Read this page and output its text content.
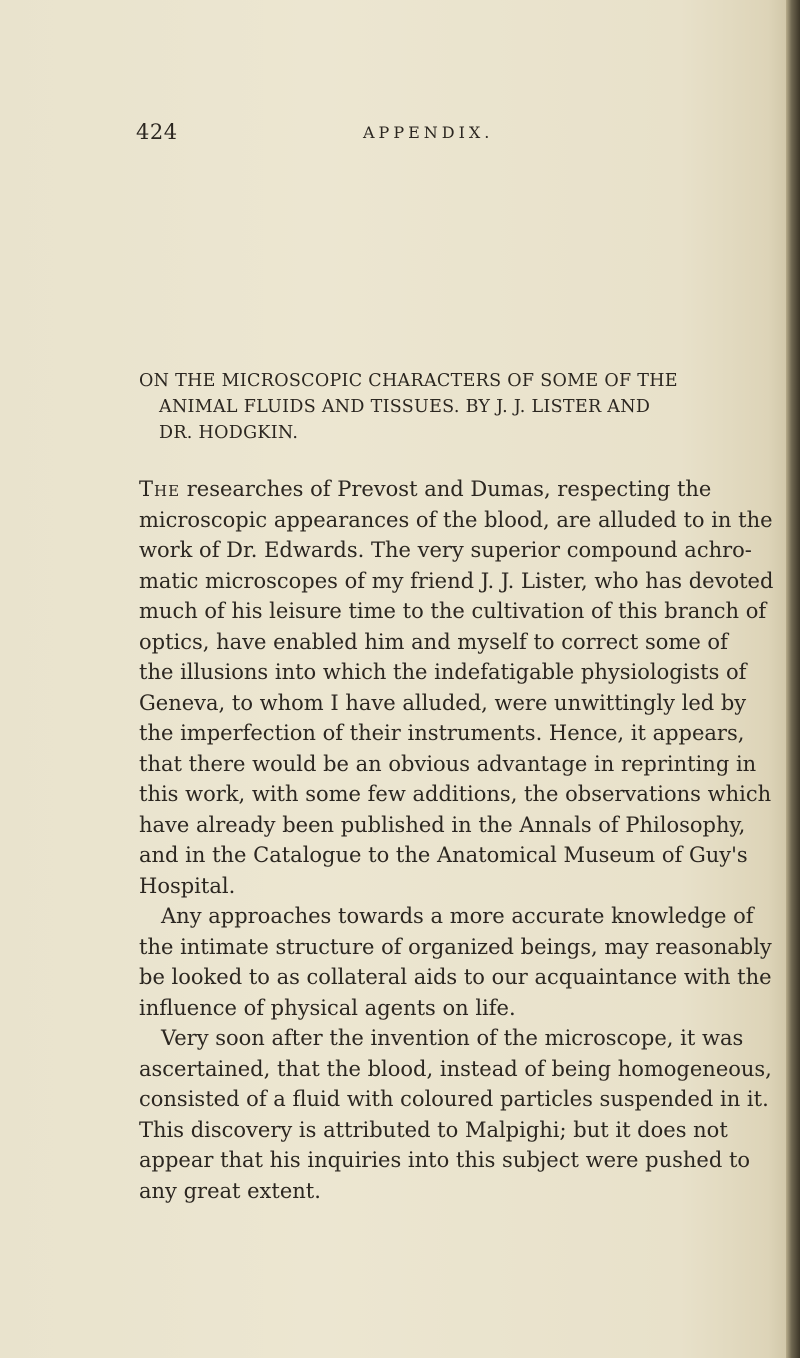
424	APPENDIX.
ON THE MICROSCOPIC CHARACTERS OF SOME OF THE
ANIMAL FLUIDS AND TISSUES. BY J. J. LISTER AND
DR. HODGKIN.
The researches of Prevost and Dumas, respecting the
microscopic appearances of the blood, are alluded to in the
work of Dr. Edwards. The very superior compound achro-
matic microscopes of my friend J. J. Lister, who has devoted
much of his leisure time to the cultivation of this branch of
optics, have enabled him and myself to correct some of
the illusions into which the indefatigable physiologists of
Geneva, to whom I have alluded, were unwittingly led by
the imperfection of their instruments. Hence, it appears,
that there would be an obvious advantage in reprinting in
this work, with some few additions, the observations which
have already been published in the Annals of Philosophy,
and in the Catalogue to the Anatomical Museum of Guy's
Hospital.
Any approaches towards a more accurate knowledge of
the intimate structure of organized beings, may reasonably
be looked to as collateral aids to our acquaintance with the
influence of physical agents on life.
Very soon after the invention of the microscope, it was
ascertained, that the blood, instead of being homogeneous,
consisted of a fluid with coloured particles suspended in it.
This discovery is attributed to Malpighi; but it does not
appear that his inquiries into this subject were pushed to
any great extent.
